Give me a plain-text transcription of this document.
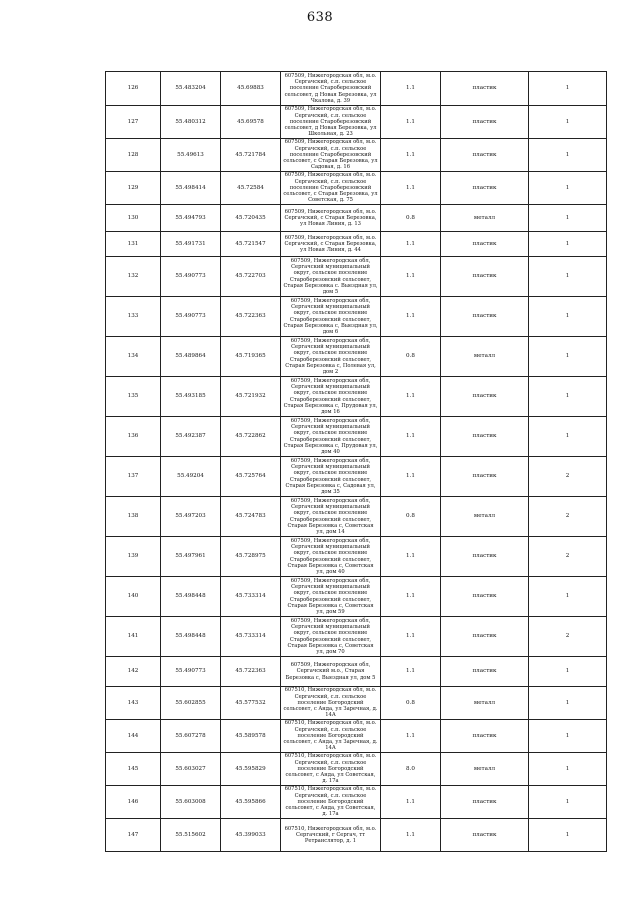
638
126	55.483204	45.69883	607509, Нижегородская обл, м.о. Сергачский, с.п. сельское поселение Старoберезовский сельсовет, д Новая Березовка, ул Чкалова, д. 39	1.1	пластик	1
127	55.480312	45.69578	607509, Нижегородская обл, м.о. Сергачский, с.п. сельское поселение Старoберезовский сельсовет, д Новая Березовка, ул Школьная, д. 23	1.1	пластик	1
128	55.49613	45.721784	607509, Нижегородская обл, м.о. Сергачский, с.п. сельское поселение Старoберезовский сельсовет, с Старая Березовка, ул Садовая, д. 16	1.1	пластик	1
129	55.498414	45.72584	607509, Нижегородская обл, м.о. Сергачский, с.п. сельское поселение Старoберезовский сельсовет, с Старая Березовка, ул Советская, д. 75	1.1	пластик	1
130	55.494793	45.720435	607509, Нижегородская обл, м.о. Сергачский, с Старая Березовка, ул Новая Линия, д. 13	0.8	металл	1
131	55.491731	45.721547	607509, Нижегородская обл, м.о. Сергачский, с Старая Березовка, ул Новая Линия, д. 44	1.1	пластик	1
132	55.490773	45.722703	607509, Нижегородская обл, Сергачский муниципальный округ, сельское поселение Старoберезовский сельсовет, Старая Березовка с. Выездная ул, дом 5	1.1	пластик	1
133	55.490773	45.722363	607509, Нижегородская обл, Сергачский муниципальный округ, сельское поселение Старoберезовский сельсовет, Старая Березовка с, Выездная ул, дом 6	1.1	пластик	1
134	55.489864	45.719365	607509, Нижегородская обл, Сергачский муниципальный округ, сельское поселение Старoберезовский сельсовет, Старая Березовка с, Полевая ул, дом 2	0.8	металл	1
135	55.493185	45.721932	607509, Нижегородская обл, Сергачский муниципальный округ, сельское поселение Старoберезовский сельсовет, Старая Березовка с, Прудовая ул, дом 16	1.1	пластик	1
136	55.492387	45.722862	607509, Нижегородская обл, Сергачский муниципальный округ, сельское поселение Старoберезовский сельсовет, Старая Березовка с, Прудовая ул, дом 40	1.1	пластик	1
137	55.49204	45.725764	607509, Нижегородская обл, Сергачский муниципальный округ, сельское поселение Старoберезовский сельсовет, Старая Березовка с, Садовая ул, дом 35	1.1	пластик	2
138	55.497203	45.724783	607509, Нижегородская обл, Сергачский муниципальный округ, сельское поселение Старoберезовский сельсовет, Старая Березовка с, Советская ул, дом 14	0.8	металл	2
139	55.497961	45.728975	607509, Нижегородская обл, Сергачский муниципальный округ, сельское поселение Старoберезовский сельсовет, Старая Березовка с, Советская ул, дом 40	1.1	пластик	2
140	55.498448	45.733314	607509, Нижегородская обл, Сергачский муниципальный округ, сельское поселение Старoберезовский сельсовет, Старая Березовка с, Советская ул, дом 59	1.1	пластик	1
141	55.498448	45.733314	607509, Нижегородская обл, Сергачский муниципальный округ, сельское поселение Старoберезовский сельсовет, Старая Березовка с, Советская ул, дом 70	1.1	пластик	2
142	55.490773	45.722363	607509, Нижегородская обл, Сергачский м.о., Старая Березовка с, Выездная ул, дом 5	1.1	пластик	1
143	55.602855	45.577532	607510, Нижегородская обл, м.о. Сергачский, с.п. сельское поселение Богородский сельсовет, с Анда, ул Заречная, д. 14А	0.8	металл	1
144	55.607278	45.589578	607510, Нижегородская обл, м.о. Сергачский, с.п. сельское поселение Богородский сельсовет, с Анда, ул Заречная, д. 14А	1.1	пластик	1
145	55.603027	45.595829	607510, Нижегородская обл, м.о. Сергачский, с.п. сельское поселение Богородский сельсовет, с Анда, ул Советская, д. 17а	8.0	металл	1
146	55.603008	45.595866	607510, Нижегородская обл, м.о. Сергачский, с.п. сельское поселение Богородский сельсовет, с Анда, ул Советская, д. 17а	1.1	пластик	1
147	55.515602	45.399033	607510, Нижегородская обл, м.о. Сергачский, г Сергач, тт Ретранслятор, д. 1	1.1	пластик	1
